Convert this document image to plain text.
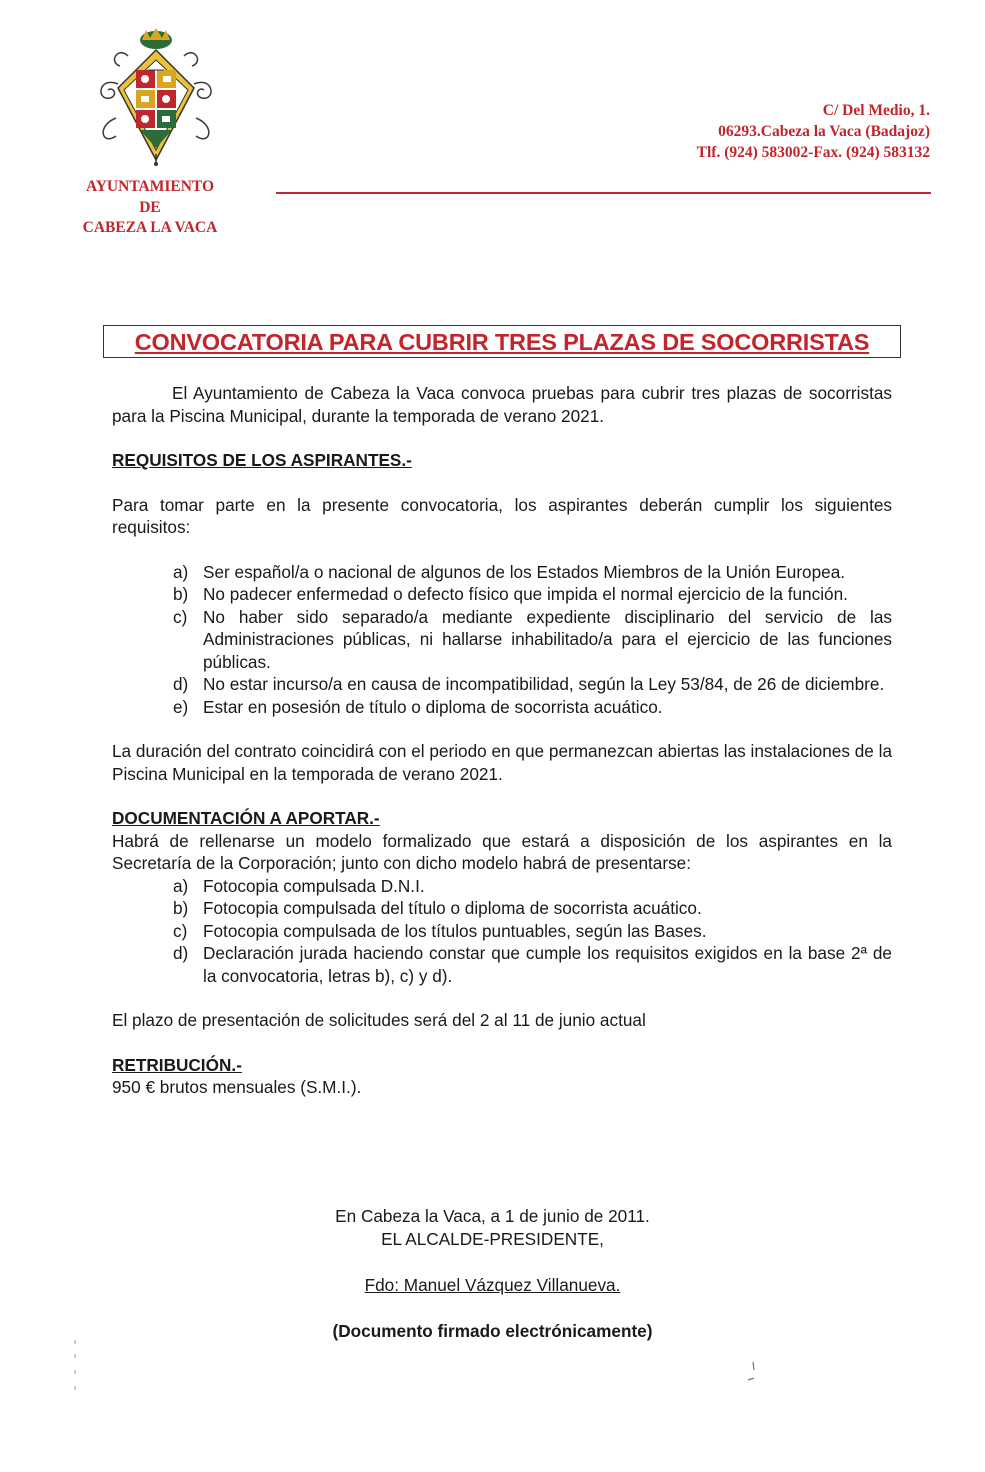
AYUNTAMIENTO
DE
CABEZA LA VACA
C/ Del Medio, 1.
06293.Cabeza la Vaca (Badajoz)
Tlf. (924) 583002-Fax. (924) 583132
CONVOCATORIA PARA CUBRIR TRES PLAZAS DE SOCORRISTAS

El Ayuntamiento de Cabeza la Vaca convoca pruebas para cubrir tres plazas de socorristas para la Piscina Municipal, durante la temporada de verano 2021.

REQUISITOS DE LOS ASPIRANTES.-

Para tomar parte en la presente convocatoria, los aspirantes deberán cumplir los siguientes requisitos:

a) Ser español/a o nacional de algunos de los Estados Miembros de la Unión Europea.
b) No padecer enfermedad o defecto físico que impida el normal ejercicio de la función.
c) No haber sido separado/a mediante expediente disciplinario del servicio de las Administraciones públicas, ni hallarse inhabilitado/a para el ejercicio de las funciones públicas.
d) No estar incurso/a en causa de incompatibilidad, según la Ley 53/84, de 26 de diciembre.
e) Estar en posesión de título o diploma de socorrista acuático.

La duración del contrato coincidirá con el periodo en que permanezcan abiertas las instalaciones de la Piscina Municipal en la temporada de verano 2021.

DOCUMENTACIÓN A APORTAR.-

Habrá de rellenarse un modelo formalizado que estará a disposición de los aspirantes en la Secretaría de la Corporación; junto con dicho modelo habrá de presentarse:

a) Fotocopia compulsada D.N.I.
b) Fotocopia compulsada del título o diploma de socorrista acuático.
c) Fotocopia compulsada de los títulos puntuables, según las Bases.
d) Declaración jurada haciendo constar que cumple los requisitos exigidos en la base 2ª de la convocatoria, letras b), c) y d).

El plazo de presentación de solicitudes será del 2 al 11 de junio actual

RETRIBUCIÓN.-

950 € brutos mensuales (S.M.I.).

En Cabeza la Vaca, a 1 de junio de 2011.
EL ALCALDE-PRESIDENTE,
Fdo: Manuel Vázquez Villanueva.
(Documento firmado electrónicamente)
